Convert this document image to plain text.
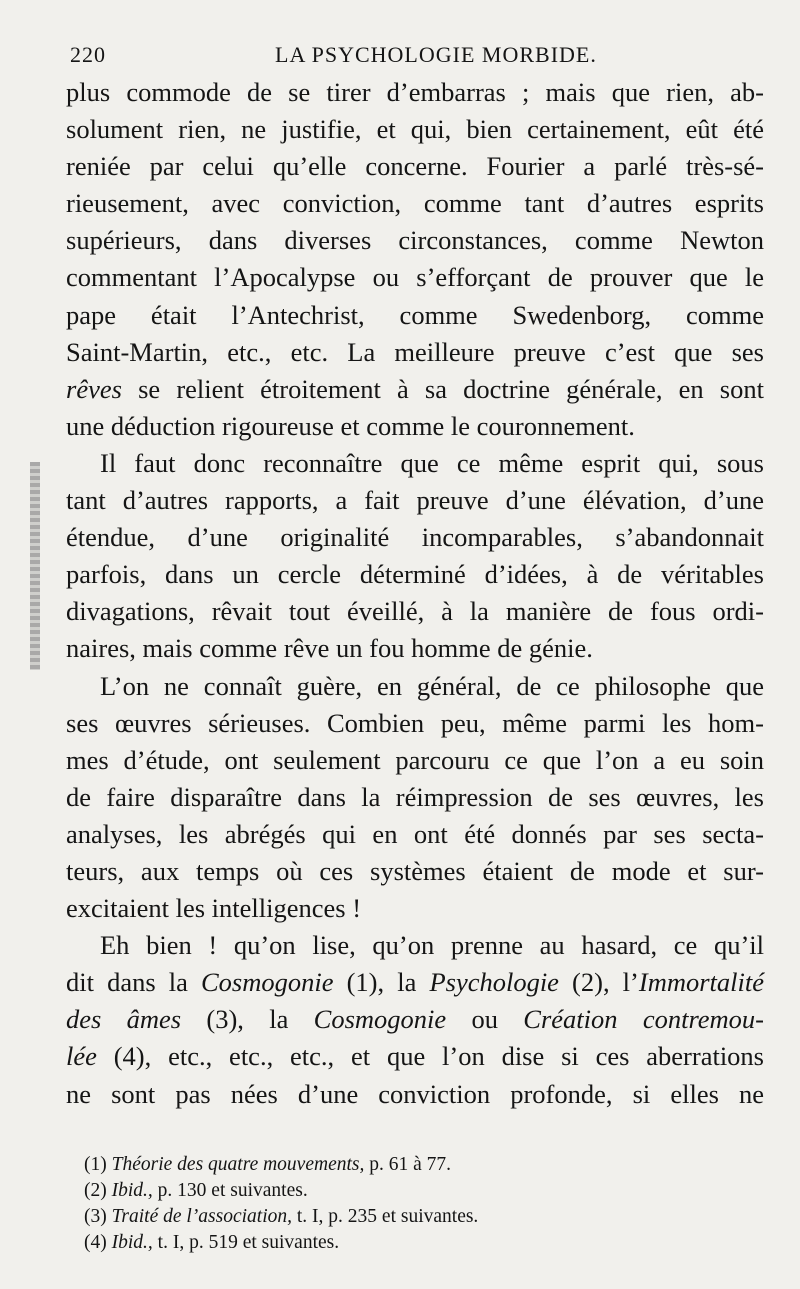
220	LA PSYCHOLOGIE MORBIDE.
plus commode de se tirer d’embarras ; mais que rien, ab-
solument rien, ne justifie, et qui, bien certainement, eût été
reniée par celui qu’elle concerne. Fourier a parlé très-sé-
rieusement, avec conviction, comme tant d’autres esprits
supérieurs, dans diverses circonstances, comme Newton
commentant l’Apocalypse ou s’efforçant de prouver que le
pape était l’Antechrist, comme Swedenborg, comme
Saint-Martin, etc., etc. La meilleure preuve c’est que ses
rêves se relient étroitement à sa doctrine générale, en sont
une déduction rigoureuse et comme le couronnement.
Il faut donc reconnaître que ce même esprit qui, sous
tant d’autres rapports, a fait preuve d’une élévation, d’une
étendue, d’une originalité incomparables, s’abandonnait
parfois, dans un cercle déterminé d’idées, à de véritables
divagations, rêvait tout éveillé, à la manière de fous ordi-
naires, mais comme rêve un fou homme de génie.
L’on ne connaît guère, en général, de ce philosophe que
ses œuvres sérieuses. Combien peu, même parmi les hom-
mes d’étude, ont seulement parcouru ce que l’on a eu soin
de faire disparaître dans la réimpression de ses œuvres, les
analyses, les abrégés qui en ont été donnés par ses secta-
teurs, aux temps où ces systèmes étaient de mode et sur-
excitaient les intelligences !
Eh bien ! qu’on lise, qu’on prenne au hasard, ce qu’il
dit dans la Cosmogonie (1), la Psychologie (2), l’Immortalité
des âmes (3), la Cosmogonie ou Création contremou-
lée (4), etc., etc., etc., et que l’on dise si ces aberrations
ne sont pas nées d’une conviction profonde, si elles ne
(1) Théorie des quatre mouvements, p. 61 à 77.
(2) Ibid., p. 130 et suivantes.
(3) Traité de l’association, t. I, p. 235 et suivantes.
(4) Ibid., t. I, p. 519 et suivantes.
